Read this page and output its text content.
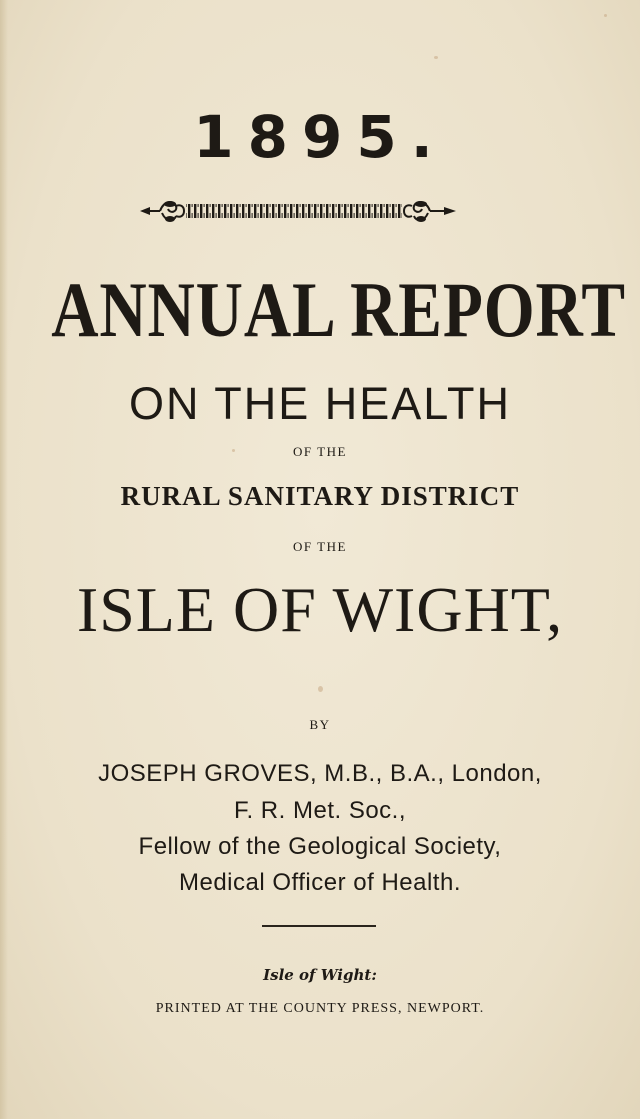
1895.

ANNUAL REPORT

ON THE HEALTH

OF THE

RURAL SANITARY DISTRICT

OF THE

ISLE OF WIGHT,

BY

JOSEPH GROVES, M.B., B.A., London,

F. R. Met. Soc.,

Fellow of the Geological Society,

Medical Officer of Health.

Isle of Wight:

PRINTED AT THE COUNTY PRESS, NEWPORT.
